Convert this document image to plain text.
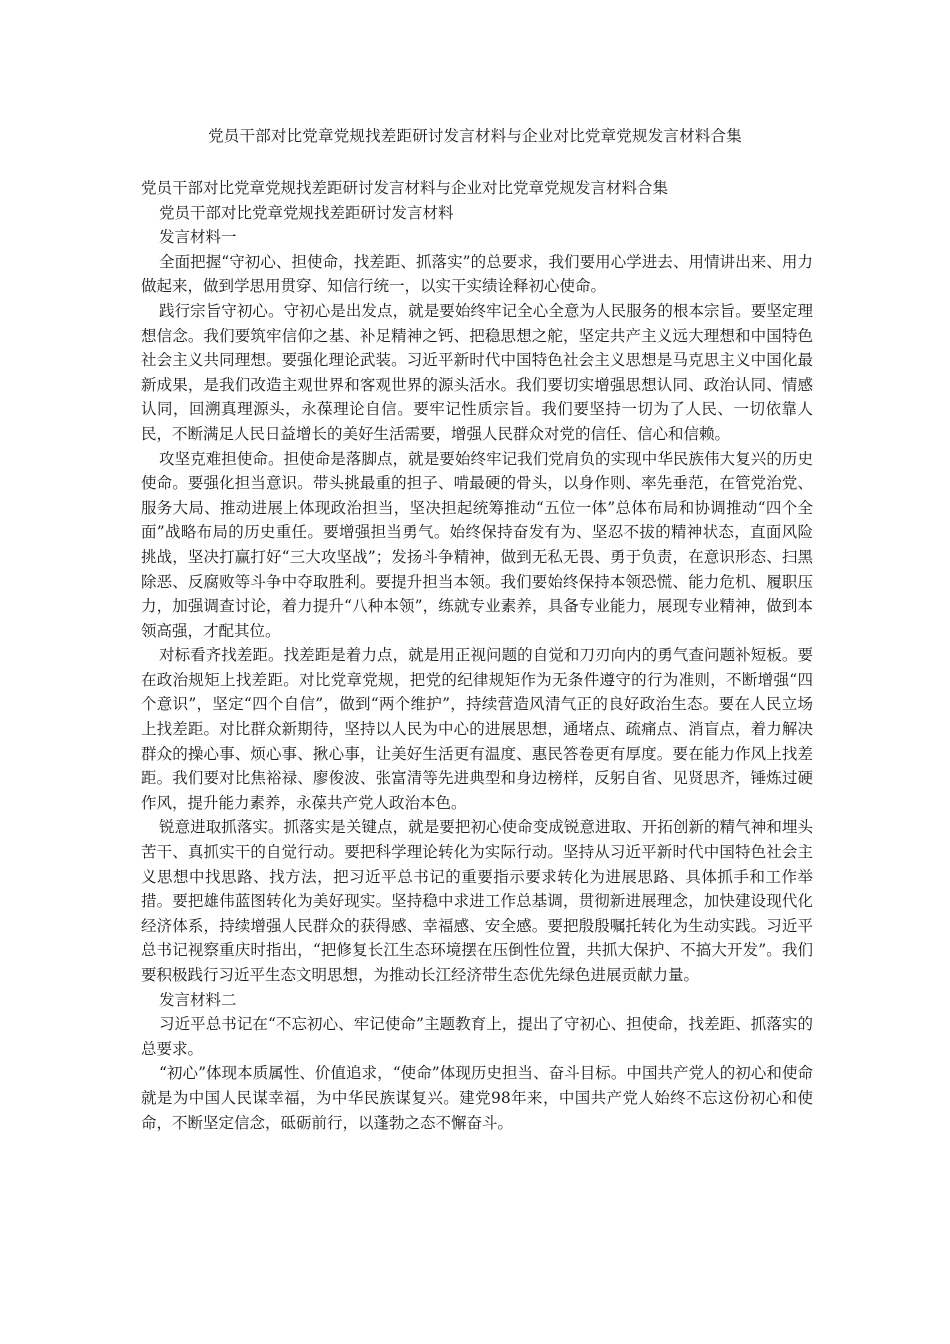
党员干部对比党章党规找差距研讨发言材料与企业对比党章党规发言材料合集

党员干部对比党章党规找差距研讨发言材料与企业对比党章党规发言材料合集

党员干部对比党章党规找差距研讨发言材料

发言材料一

全面把握“守初心、担使命，找差距、抓落实”的总要求，我们要用心学进去、用情讲出来、用力做起来，做到学思用贯穿、知信行统一，以实干实绩诠释初心使命。

践行宗旨守初心。守初心是出发点，就是要始终牢记全心全意为人民服务的根本宗旨。要坚定理想信念。我们要筑牢信仰之基、补足精神之钙、把稳思想之舵，坚定共产主义远大理想和中国特色社会主义共同理想。要强化理论武装。习近平新时代中国特色社会主义思想是马克思主义中国化最新成果，是我们改造主观世界和客观世界的源头活水。我们要切实增强思想认同、政治认同、情感认同，回溯真理源头，永葆理论自信。要牢记性质宗旨。我们要坚持一切为了人民、一切依靠人民，不断满足人民日益增长的美好生活需要，增强人民群众对党的信任、信心和信赖。

攻坚克难担使命。担使命是落脚点，就是要始终牢记我们党肩负的实现中华民族伟大复兴的历史使命。要强化担当意识。带头挑最重的担子、啃最硬的骨头，以身作则、率先垂范，在管党治党、服务大局、推动进展上体现政治担当，坚决担起统筹推动“五位一体”总体布局和协调推动“四个全面”战略布局的历史重任。要增强担当勇气。始终保持奋发有为、坚忍不拔的精神状态，直面风险挑战，坚决打赢打好“三大攻坚战”；发扬斗争精神，做到无私无畏、勇于负责，在意识形态、扫黑除恶、反腐败等斗争中夺取胜利。要提升担当本领。我们要始终保持本领恐慌、能力危机、履职压力，加强调查讨论，着力提升“八种本领”，练就专业素养，具备专业能力，展现专业精神，做到本领高强，才配其位。

对标看齐找差距。找差距是着力点，就是用正视问题的自觉和刀刃向内的勇气查问题补短板。要在政治规矩上找差距。对比党章党规，把党的纪律规矩作为无条件遵守的行为准则，不断增强“四个意识”，坚定“四个自信”，做到“两个维护”，持续营造风清气正的良好政治生态。要在人民立场上找差距。对比群众新期待，坚持以人民为中心的进展思想，通堵点、疏痛点、消盲点，着力解决群众的操心事、烦心事、揪心事，让美好生活更有温度、惠民答卷更有厚度。要在能力作风上找差距。我们要对比焦裕禄、廖俊波、张富清等先进典型和身边榜样，反躬自省、见贤思齐，锤炼过硬作风，提升能力素养，永葆共产党人政治本色。

锐意进取抓落实。抓落实是关键点，就是要把初心使命变成锐意进取、开拓创新的精气神和埋头苦干、真抓实干的自觉行动。要把科学理论转化为实际行动。坚持从习近平新时代中国特色社会主义思想中找思路、找方法，把习近平总书记的重要指示要求转化为进展思路、具体抓手和工作举措。要把雄伟蓝图转化为美好现实。坚持稳中求进工作总基调，贯彻新进展理念，加快建设现代化经济体系，持续增强人民群众的获得感、幸福感、安全感。要把殷殷嘱托转化为生动实践。习近平总书记视察重庆时指出，“把修复长江生态环境摆在压倒性位置，共抓大保护、不搞大开发”。我们要积极践行习近平生态文明思想，为推动长江经济带生态优先绿色进展贡献力量。

发言材料二

习近平总书记在“不忘初心、牢记使命”主题教育上，提出了守初心、担使命，找差距、抓落实的总要求。

“初心”体现本质属性、价值追求，“使命”体现历史担当、奋斗目标。中国共产党人的初心和使命就是为中国人民谋幸福，为中华民族谋复兴。建党98年来，中国共产党人始终不忘这份初心和使命，不断坚定信念，砥砺前行，以蓬勃之态不懈奋斗。
